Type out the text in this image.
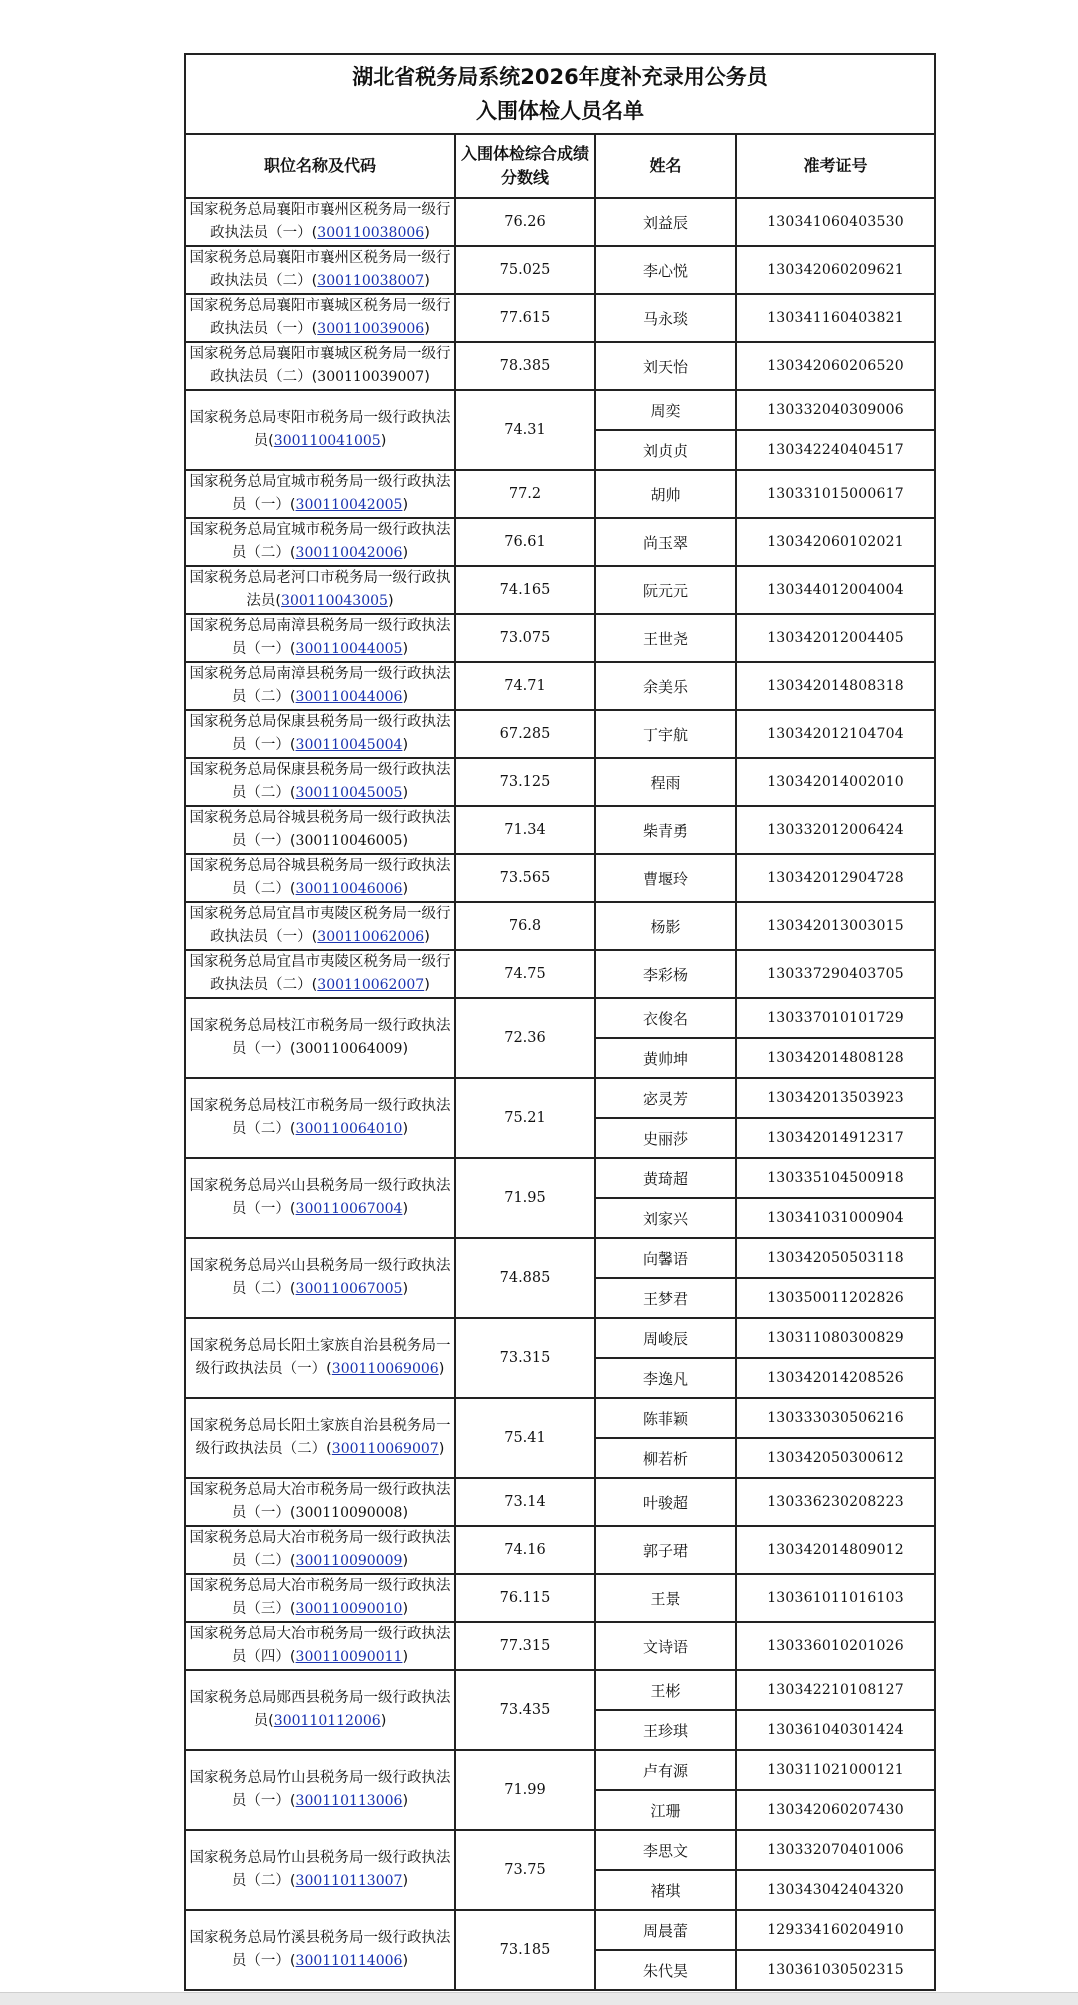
湖北省税务局系统2026年度补充录用公务员
入围体检人员名单			

职位名称及代码	入围体检综合成绩分数线	姓名	准考证号
国家税务总局襄阳市襄州区税务局一级行政执法员（一）(300110038006)	76.26	刘益辰	130341060403530
国家税务总局襄阳市襄州区税务局一级行政执法员（二）(300110038007)	75.025	李心悦	130342060209621
国家税务总局襄阳市襄城区税务局一级行政执法员（一）(300110039006)	77.615	马永琰	130341160403821
国家税务总局襄阳市襄城区税务局一级行政执法员（二）(300110039007)	78.385	刘天怡	130342060206520
国家税务总局枣阳市税务局一级行政执法员(300110041005)	74.31	周奕	130332040309006
		刘贞贞	130342240404517
国家税务总局宜城市税务局一级行政执法员（一）(300110042005)	77.2	胡帅	130331015000617
国家税务总局宜城市税务局一级行政执法员（二）(300110042006)	76.61	尚玉翠	130342060102021
国家税务总局老河口市税务局一级行政执法员(300110043005)	74.165	阮元元	130344012004004
国家税务总局南漳县税务局一级行政执法员（一）(300110044005)	73.075	王世尧	130342012004405
国家税务总局南漳县税务局一级行政执法员（二）(300110044006)	74.71	余美乐	130342014808318
国家税务总局保康县税务局一级行政执法员（一）(300110045004)	67.285	丁宇航	130342012104704
国家税务总局保康县税务局一级行政执法员（二）(300110045005)	73.125	程雨	130342014002010
国家税务总局谷城县税务局一级行政执法员（一）(300110046005)	71.34	柴青勇	130332012006424
国家税务总局谷城县税务局一级行政执法员（二）(300110046006)	73.565	曹堰玲	130342012904728
国家税务总局宜昌市夷陵区税务局一级行政执法员（一）(300110062006)	76.8	杨影	130342013003015
国家税务总局宜昌市夷陵区税务局一级行政执法员（二）(300110062007)	74.75	李彩杨	130337290403705
国家税务总局枝江市税务局一级行政执法员（一）(300110064009)	72.36	衣俊名	130337010101729
		黄帅坤	130342014808128
国家税务总局枝江市税务局一级行政执法员（二）(300110064010)	75.21	宓灵芳	130342013503923
		史丽莎	130342014912317
国家税务总局兴山县税务局一级行政执法员（一）(300110067004)	71.95	黄琦超	130335104500918
		刘家兴	130341031000904
国家税务总局兴山县税务局一级行政执法员（二）(300110067005)	74.885	向馨语	130342050503118
		王梦君	130350011202826
国家税务总局长阳土家族自治县税务局一级行政执法员（一）(300110069006)	73.315	周峻辰	130311080300829
		李逸凡	130342014208526
国家税务总局长阳土家族自治县税务局一级行政执法员（二）(300110069007)	75.41	陈菲颖	130333030506216
		柳若析	130342050300612
国家税务总局大冶市税务局一级行政执法员（一）(300110090008)	73.14	叶骏超	130336230208223
国家税务总局大冶市税务局一级行政执法员（二）(300110090009)	74.16	郭子珺	130342014809012
国家税务总局大冶市税务局一级行政执法员（三）(300110090010)	76.115	王景	130361011016103
国家税务总局大冶市税务局一级行政执法员（四）(300110090011)	77.315	文诗语	130336010201026
国家税务总局郧西县税务局一级行政执法员(300110112006)	73.435	王彬	130342210108127
		王珍琪	130361040301424
国家税务总局竹山县税务局一级行政执法员（一）(300110113006)	71.99	卢有源	130311021000121
		江珊	130342060207430
国家税务总局竹山县税务局一级行政执法员（二）(300110113007)	73.75	李思文	130332070401006
		褚琪	130343042404320
国家税务总局竹溪县税务局一级行政执法员（一）(300110114006)	73.185	周晨蕾	129334160204910
		朱代昊	130361030502315
